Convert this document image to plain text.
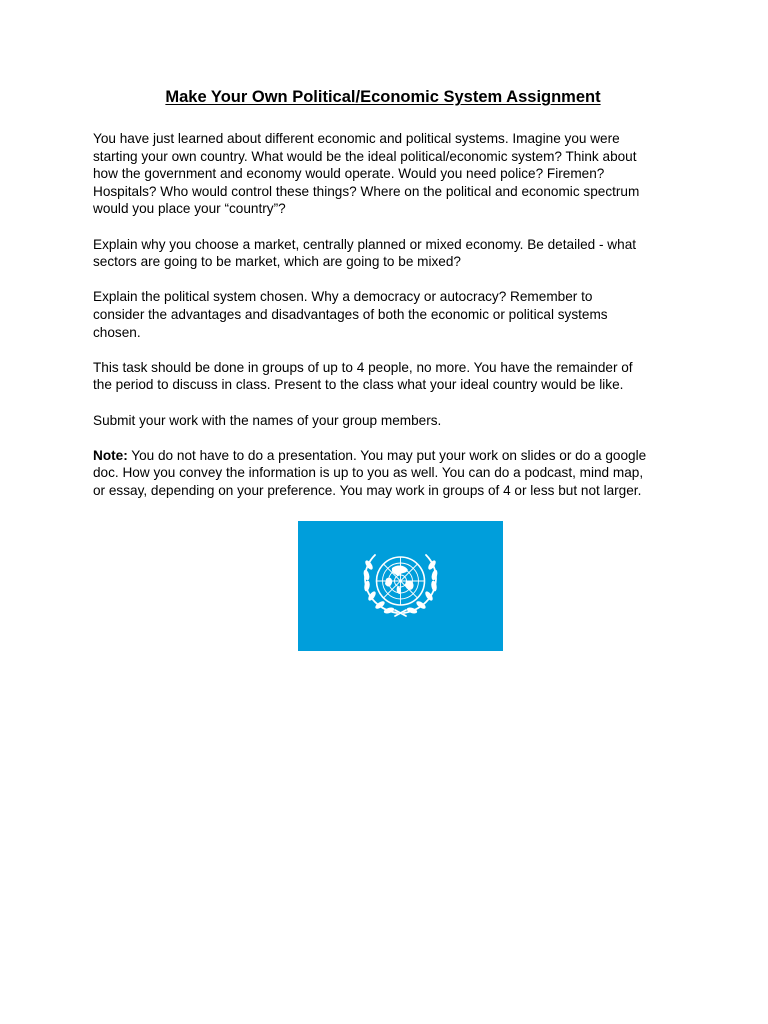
Make Your Own Political/Economic System Assignment

You have just learned about different economic and political systems. Imagine you were
starting your own country. What would be the ideal political/economic system? Think about
how the government and economy would operate. Would you need police? Firemen?
Hospitals? Who would control these things? Where on the political and economic spectrum
would you place your “country”?

Explain why you choose a market, centrally planned or mixed economy. Be detailed - what
sectors are going to be market, which are going to be mixed?

Explain the political system chosen. Why a democracy or autocracy? Remember to
consider the advantages and disadvantages of both the economic or political systems
chosen.

This task should be done in groups of up to 4 people, no more. You have the remainder of
the period to discuss in class. Present to the class what your ideal country would be like.

Submit your work with the names of your group members.

Note: You do not have to do a presentation. You may put your work on slides or do a google
doc. How you convey the information is up to you as well. You can do a podcast, mind map,
or essay, depending on your preference. You may work in groups of 4 or less but not larger.
